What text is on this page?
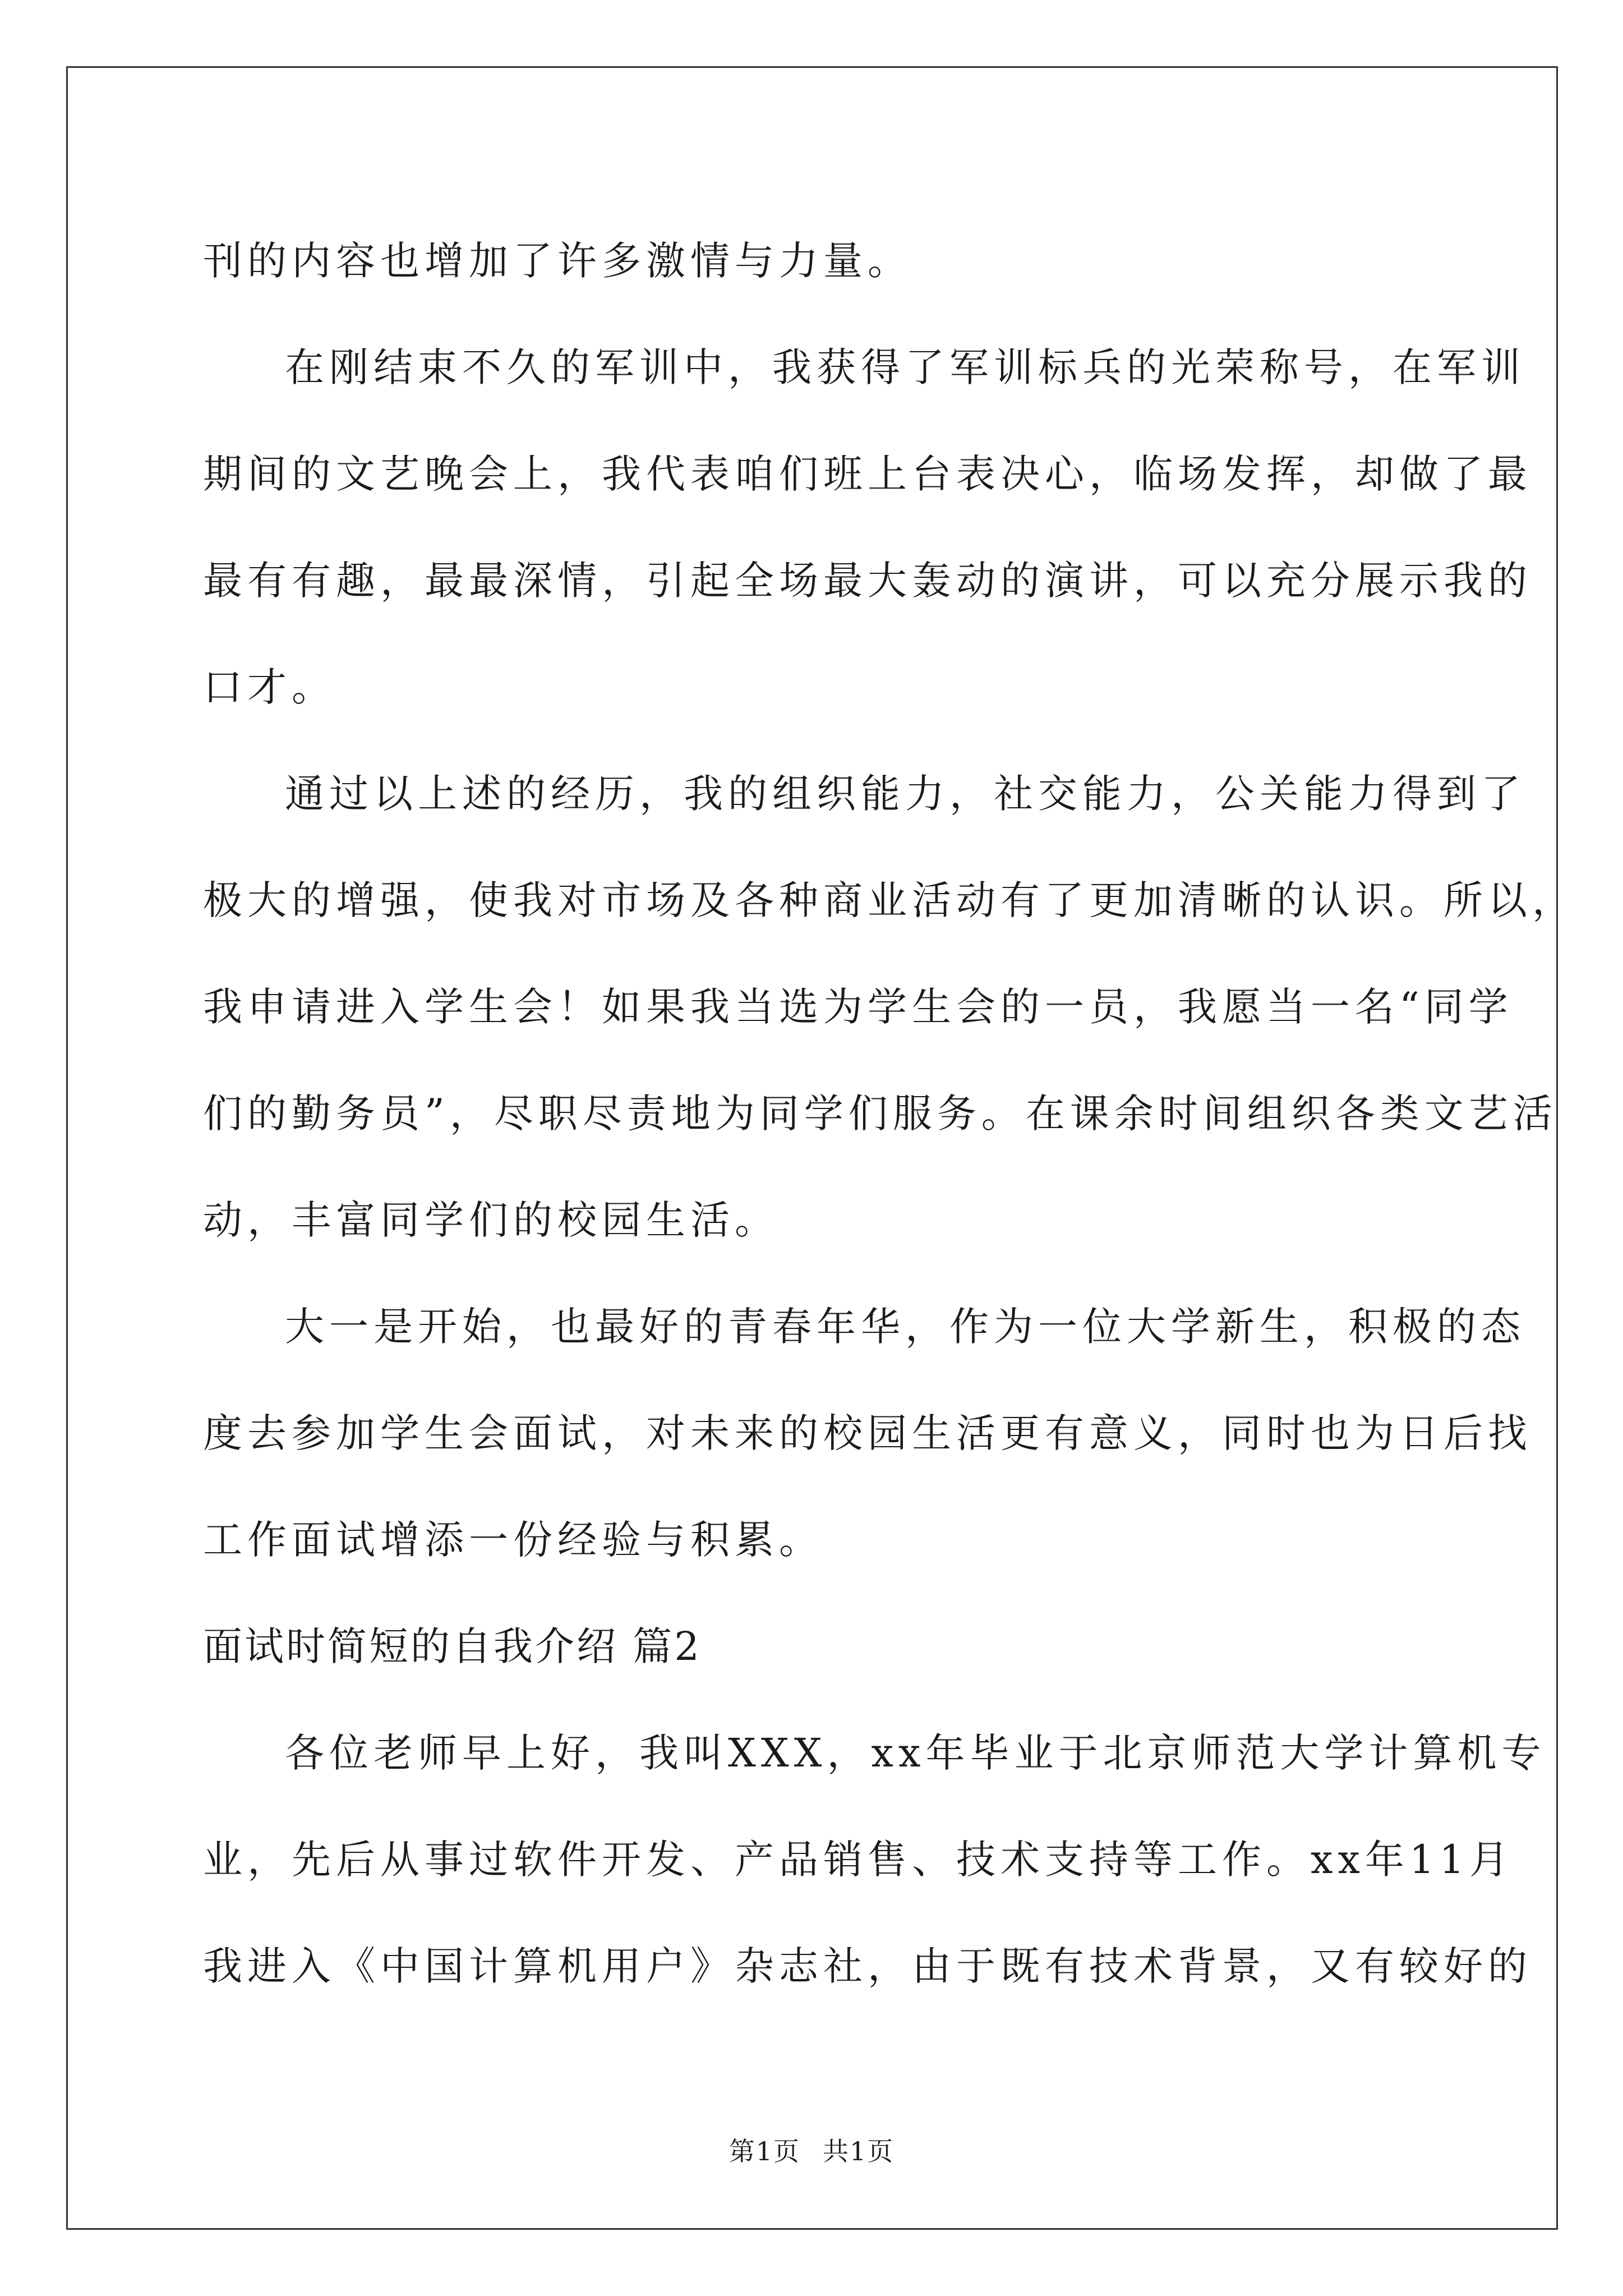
刊的内容也增加了许多激情与力量。
在刚结束不久的军训中，我获得了军训标兵的光荣称号，在军训
期间的文艺晚会上，我代表咱们班上台表决心，临场发挥，却做了最
最有有趣，最最深情，引起全场最大轰动的演讲，可以充分展示我的
口才。
通过以上述的经历，我的组织能力，社交能力，公关能力得到了
极大的增强，使我对市场及各种商业活动有了更加清晰的认识。所以，
我申请进入学生会！如果我当选为学生会的一员，我愿当一名“同学
们的勤务员”，尽职尽责地为同学们服务。在课余时间组织各类文艺活
动，丰富同学们的校园生活。
大一是开始，也最好的青春年华，作为一位大学新生，积极的态
度去参加学生会面试，对未来的校园生活更有意义，同时也为日后找
工作面试增添一份经验与积累。
面试时简短的自我介绍 篇2
各位老师早上好，我叫XXX，xx年毕业于北京师范大学计算机专
业，先后从事过软件开发、产品销售、技术支持等工作。xx年11月
我进入《中国计算机用户》杂志社，由于既有技术背景，又有较好的
第1页 共1页
